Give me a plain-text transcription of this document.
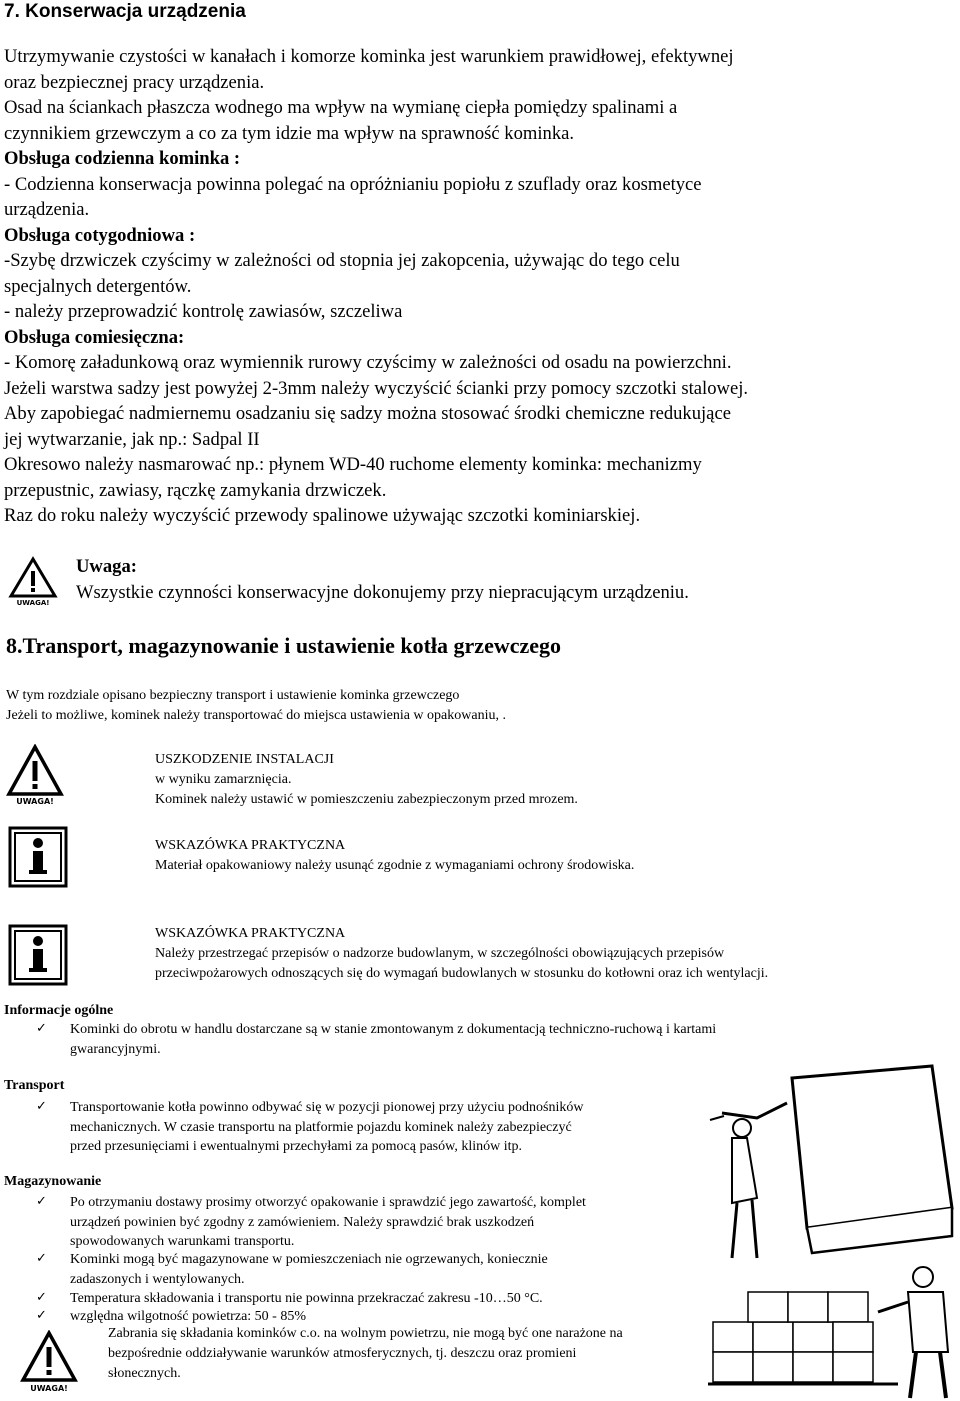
7. Konserwacja urządzenia
Utrzymywanie czystości w kanałach i komorze kominka jest warunkiem prawidłowej, efektywnej
oraz bezpiecznej pracy urządzenia.
Osad na ściankach płaszcza wodnego ma wpływ na wymianę ciepła pomiędzy spalinami a
czynnikiem grzewczym a co za tym idzie ma wpływ na sprawność kominka.
Obsługa codzienna kominka :
- Codzienna konserwacja powinna polegać na opróżnianiu popiołu z szuflady oraz kosmetyce
urządzenia.
Obsługa cotygodniowa :
-Szybę drzwiczek czyścimy w zależności od stopnia jej zakopcenia, używając do tego celu
specjalnych detergentów.
- należy przeprowadzić kontrolę zawiasów, szczeliwa
Obsługa comiesięczna:
- Komorę załadunkową oraz wymiennik rurowy czyścimy w zależności od osadu na powierzchni.
Jeżeli warstwa sadzy jest powyżej 2-3mm należy wyczyścić ścianki przy pomocy szczotki stalowej.
Aby zapobiegać nadmiernemu osadzaniu się sadzy można stosować środki chemiczne redukujące
jej wytwarzanie, jak np.: Sadpal II
Okresowo należy nasmarować np.: płynem WD-40 ruchome elementy kominka: mechanizmy
przepustnic, zawiasy, rączkę zamykania drzwiczek.
Raz do roku należy wyczyścić przewody spalinowe używając szczotki kominiarskiej.
UWAGA!
Uwaga:
Wszystkie czynności konserwacyjne dokonujemy przy niepracującym urządzeniu.
8.Transport, magazynowanie i ustawienie kotła grzewczego
W tym rozdziale opisano bezpieczny transport i ustawienie kominka grzewczego
Jeżeli to możliwe, kominek należy transportować do miejsca ustawienia w opakowaniu, .
UWAGA!
USZKODZENIE INSTALACJI
w wyniku zamarznięcia.
Kominek należy ustawić w pomieszczeniu zabezpieczonym przed mrozem.
WSKAZÓWKA PRAKTYCZNA
Materiał opakowaniowy należy usunąć zgodnie z wymaganiami ochrony środowiska.
WSKAZÓWKA PRAKTYCZNA
Należy przestrzegać przepisów o nadzorze budowlanym, w szczególności obowiązujących przepisów
przeciwpożarowych odnoszących się do wymagań budowlanych w stosunku do kotłowni oraz ich wentylacji.
Informacje ogólne
✓ Kominki do obrotu w handlu dostarczane są w stanie zmontowanym z dokumentacją techniczno-ruchową i kartami
gwarancyjnymi.
Transport
✓ Transportowanie kotła powinno odbywać się w pozycji pionowej przy użyciu podnośników
mechanicznych. W czasie transportu na platformie pojazdu kominek należy zabezpieczyć
przed przesunięciami i ewentualnymi przechyłami za pomocą pasów, klinów itp.
Magazynowanie
✓ Po otrzymaniu dostawy prosimy otworzyć opakowanie i sprawdzić jego zawartość, komplet
urządzeń powinien być zgodny z zamówieniem. Należy sprawdzić brak uszkodzeń
spowodowanych warunkami transportu.
✓ Kominki mogą być magazynowane w pomieszczeniach nie ogrzewanych, koniecznie
zadaszonych i wentylowanych.
✓ Temperatura składowania i transportu nie powinna przekraczać zakresu -10…50 °C.
✓ względna wilgotność powietrza: 50 - 85%
UWAGA!
Zabrania się składania kominków c.o. na wolnym powietrzu, nie mogą być one narażone na
bezpośrednie oddziaływanie warunków atmosferycznych, tj. deszczu oraz promieni
słonecznych.
